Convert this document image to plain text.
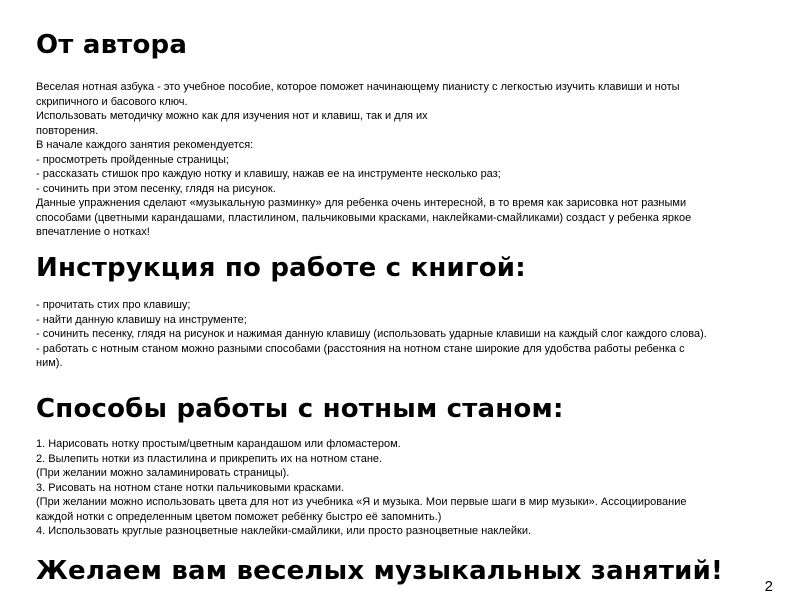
От автора
Веселая нотная азбука - это учебное пособие, которое поможет начинающему пианисту с легкостью изучить клавиши и ноты
скрипичного и басового ключ.
Использовать методичку можно как для изучения нот и клавиш, так и для их
повторения.
В начале каждого занятия рекомендуется:
- просмотреть пройденные страницы;
- рассказать стишок про каждую нотку и клавишу, нажав ее на инструменте несколько раз;
- сочинить при этом песенку, глядя на рисунок.
Данные упражнения сделают «музыкальную разминку» для ребенка очень интересной, в то время как зарисовка нот разными
способами (цветными карандашами, пластилином, пальчиковыми красками, наклейками-смайликами) создаст у ребенка яркое
впечатление о нотках!
Инструкция по работе с книгой:
- прочитать стих про клавишу;
- найти данную клавишу на инструменте;
- сочинить песенку, глядя на рисунок и нажимая данную клавишу (использовать ударные клавиши на каждый слог каждого слова).
- работать с нотным станом можно разными способами (расстояния на нотном стане широкие для удобства работы ребенка с
ним).
Способы работы с нотным станом:
1. Нарисовать нотку простым/цветным карандашом или фломастером.
2. Вылепить нотки из пластилина и прикрепить их на нотном стане.
(При желании можно заламинировать страницы).
3. Рисовать на нотном стане нотки пальчиковыми красками.
(При желании можно использовать цвета для нот из учебника «Я и музыка. Мои первые шаги в мир музыки». Ассоциирование
каждой нотки с определенным цветом поможет ребёнку быстро её запомнить.)
4. Использовать круглые разноцветные наклейки-смайлики, или просто разноцветные наклейки.
Желаем вам веселых музыкальных занятий!
2
